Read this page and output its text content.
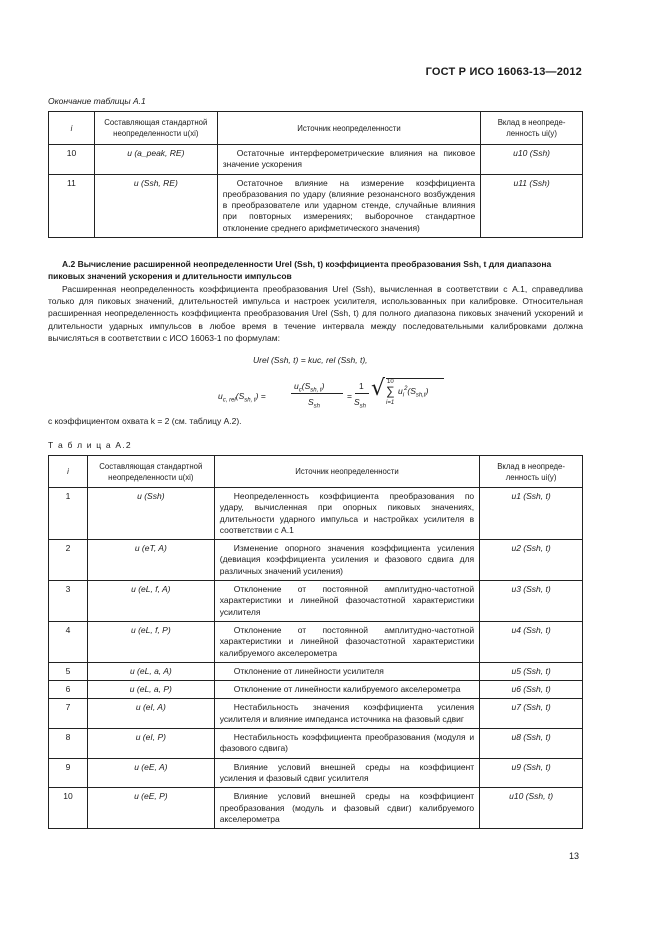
ГОСТ Р ИСО 16063-13—2012
Окончание таблицы А.1
i	Составляющая стандартной неопределенности u(xi)	Источник неопределенности	Вклад в неопреде-ленность ui(y)
10	u (a_peak, RE)	Остаточные интерферометрические влияния на пиковое значение ускорения	u10 (Ssh)
11	u (Ssh, RE)	Остаточное влияние на измерение коэффициента преобразования по удару (влияние резонансного возбуждения в преобразователе или ударном стенде, случайные влияния при повторных измерениях; выборочное стандартное отклонение среднего арифметического значения)	u11 (Ssh)
А.2 Вычисление расширенной неопределенности Urel (Ssh, t) коэффициента преобразования Ssh, t для диапазона пиковых значений ускорения и длительности импульсов
Расширенная неопределенность коэффициента преобразования Urel (Ssh), вычисленная в соответствии с А.1, справедлива только для пиковых значений, длительностей импульса и настроек усилителя, использованных при калибровке. Относительная расширенная неопределенность коэффициента преобразования Urel (Ssh, t) для полного диапазона пиковых значений ускорений и длительности ударных импульсов в любое время в течение интервала между последовательными калибровками должна вычисляться в соответствии с ИСО 16063-1 по формулам:
Urel (Ssh, t) = kuc, rel (Ssh, t),
$u_{c, rel}(S_{sh, t})$ =
$u_c(S_{sh, t})$
$S_{sh}$
=
1
$S_{sh}$
√ 10
∑
i=1
$u_i^2(S_{sh,t})$
с коэффициентом охвата k = 2 (см. таблицу А.2).
Т а б л и ц а А.2
i	Составляющая стандартной неопределенности u(xi)	Источник неопределенности	Вклад в неопреде-ленность ui(y)
1	u (Ssh)	Неопределенность коэффициента преобразования по удару, вычисленная при опорных пиковых значениях, длительности ударного импульса и настройках усилителя в соответствии с А.1	u1 (Ssh, t)
2	u (eT, A)	Изменение опорного значения коэффициента усиления (девиация коэффициента усиления и фазового сдвига для различных значений усиления)	u2 (Ssh, t)
3	u (eL, f, A)	Отклонение от постоянной амплитудно-частотной характеристики и линейной фазочастотной характеристики усилителя	u3 (Ssh, t)
4	u (eL, f, P)	Отклонение от постоянной амплитудно-частотной характеристики и линейной фазочастотной характеристики калибруемого акселерометра	u4 (Ssh, t)
5	u (eL, a, A)	Отклонение от линейности усилителя	u5 (Ssh, t)
6	u (eL, a, P)	Отклонение от линейности калибруемого акселерометра	u6 (Ssh, t)
7	u (eI, A)	Нестабильность значения коэффициента усиления усилителя и влияние импеданса источника на фазовый сдвиг	u7 (Ssh, t)
8	u (eI, P)	Нестабильность коэффициента преобразования (модуля и фазового сдвига)	u8 (Ssh, t)
9	u (eE, A)	Влияние условий внешней среды на коэффициент усиления и фазовый сдвиг усилителя	u9 (Ssh, t)
10	u (eE, P)	Влияние условий внешней среды на коэффициент преобразования (модуль и фазовый сдвиг) калибруемого акселерометра	u10 (Ssh, t)
13
